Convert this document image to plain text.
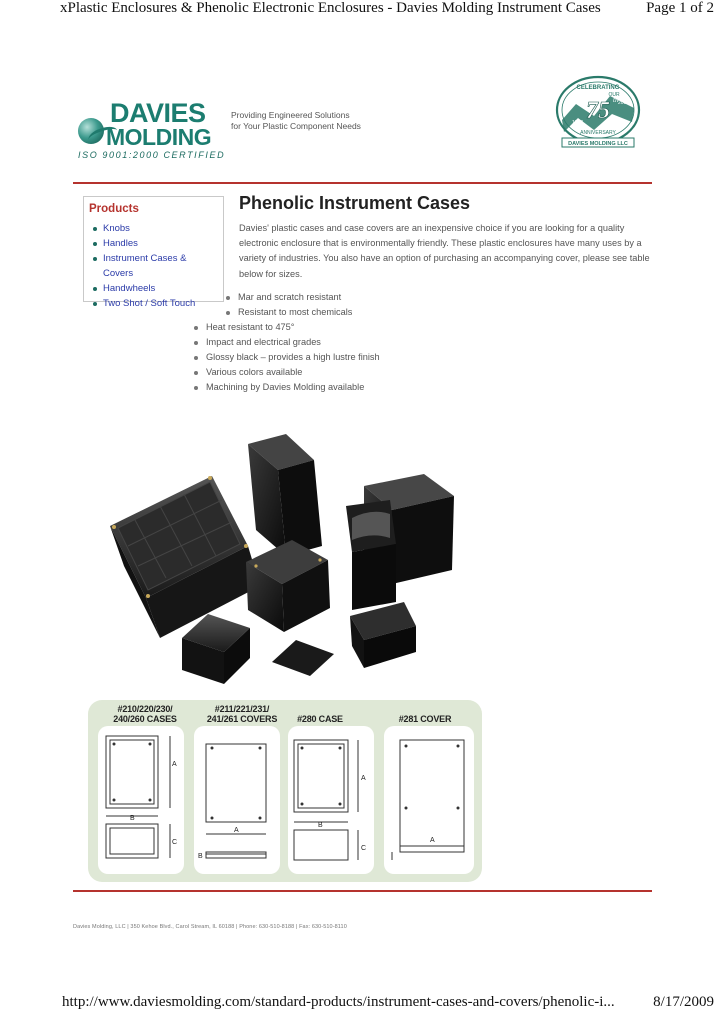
xPlastic Enclosures & Phenolic Electronic Enclosures - Davies Molding Instrument Cases	Page 1 of 2
DAVIES
MOLDING
ISO 9001:2000 CERTIFIED
Providing Engineered Solutions
for Your Plastic Component Needs
CELEBRATING
OUR
75 th
1933
2008
ANNIVERSARY
DAVIES MOLDING LLC
Products
Knobs
Handles
Instrument Cases & Covers
Handwheels
Two Shot / Soft Touch
Phenolic Instrument Cases

Davies' plastic cases and case covers are an inexpensive choice if you are looking for a quality electronic enclosure that is environmentally friendly. These plastic enclosures have many uses by a variety of industries. You also have an option of purchasing an accompanying cover, please see table below for sizes.

Mar and scratch resistant
Resistant to most chemicals
Heat resistant to 475°
Impact and electrical grades
Glossy black – provides a high lustre finish
Various colors available
Machining by Davies Molding available
#210/220/230/
240/260 CASES
#211/221/231/
241/261 COVERS	#280 CASE	#281 COVER
A
B
C
A
B
A
B
C
A
Davies Molding, LLC | 350 Kehoe Blvd., Carol Stream, IL 60188 | Phone: 630-510-8188 | Fax: 630-510-8110
http://www.daviesmolding.com/standard-products/instrument-cases-and-covers/phenolic-i...	8/17/2009
